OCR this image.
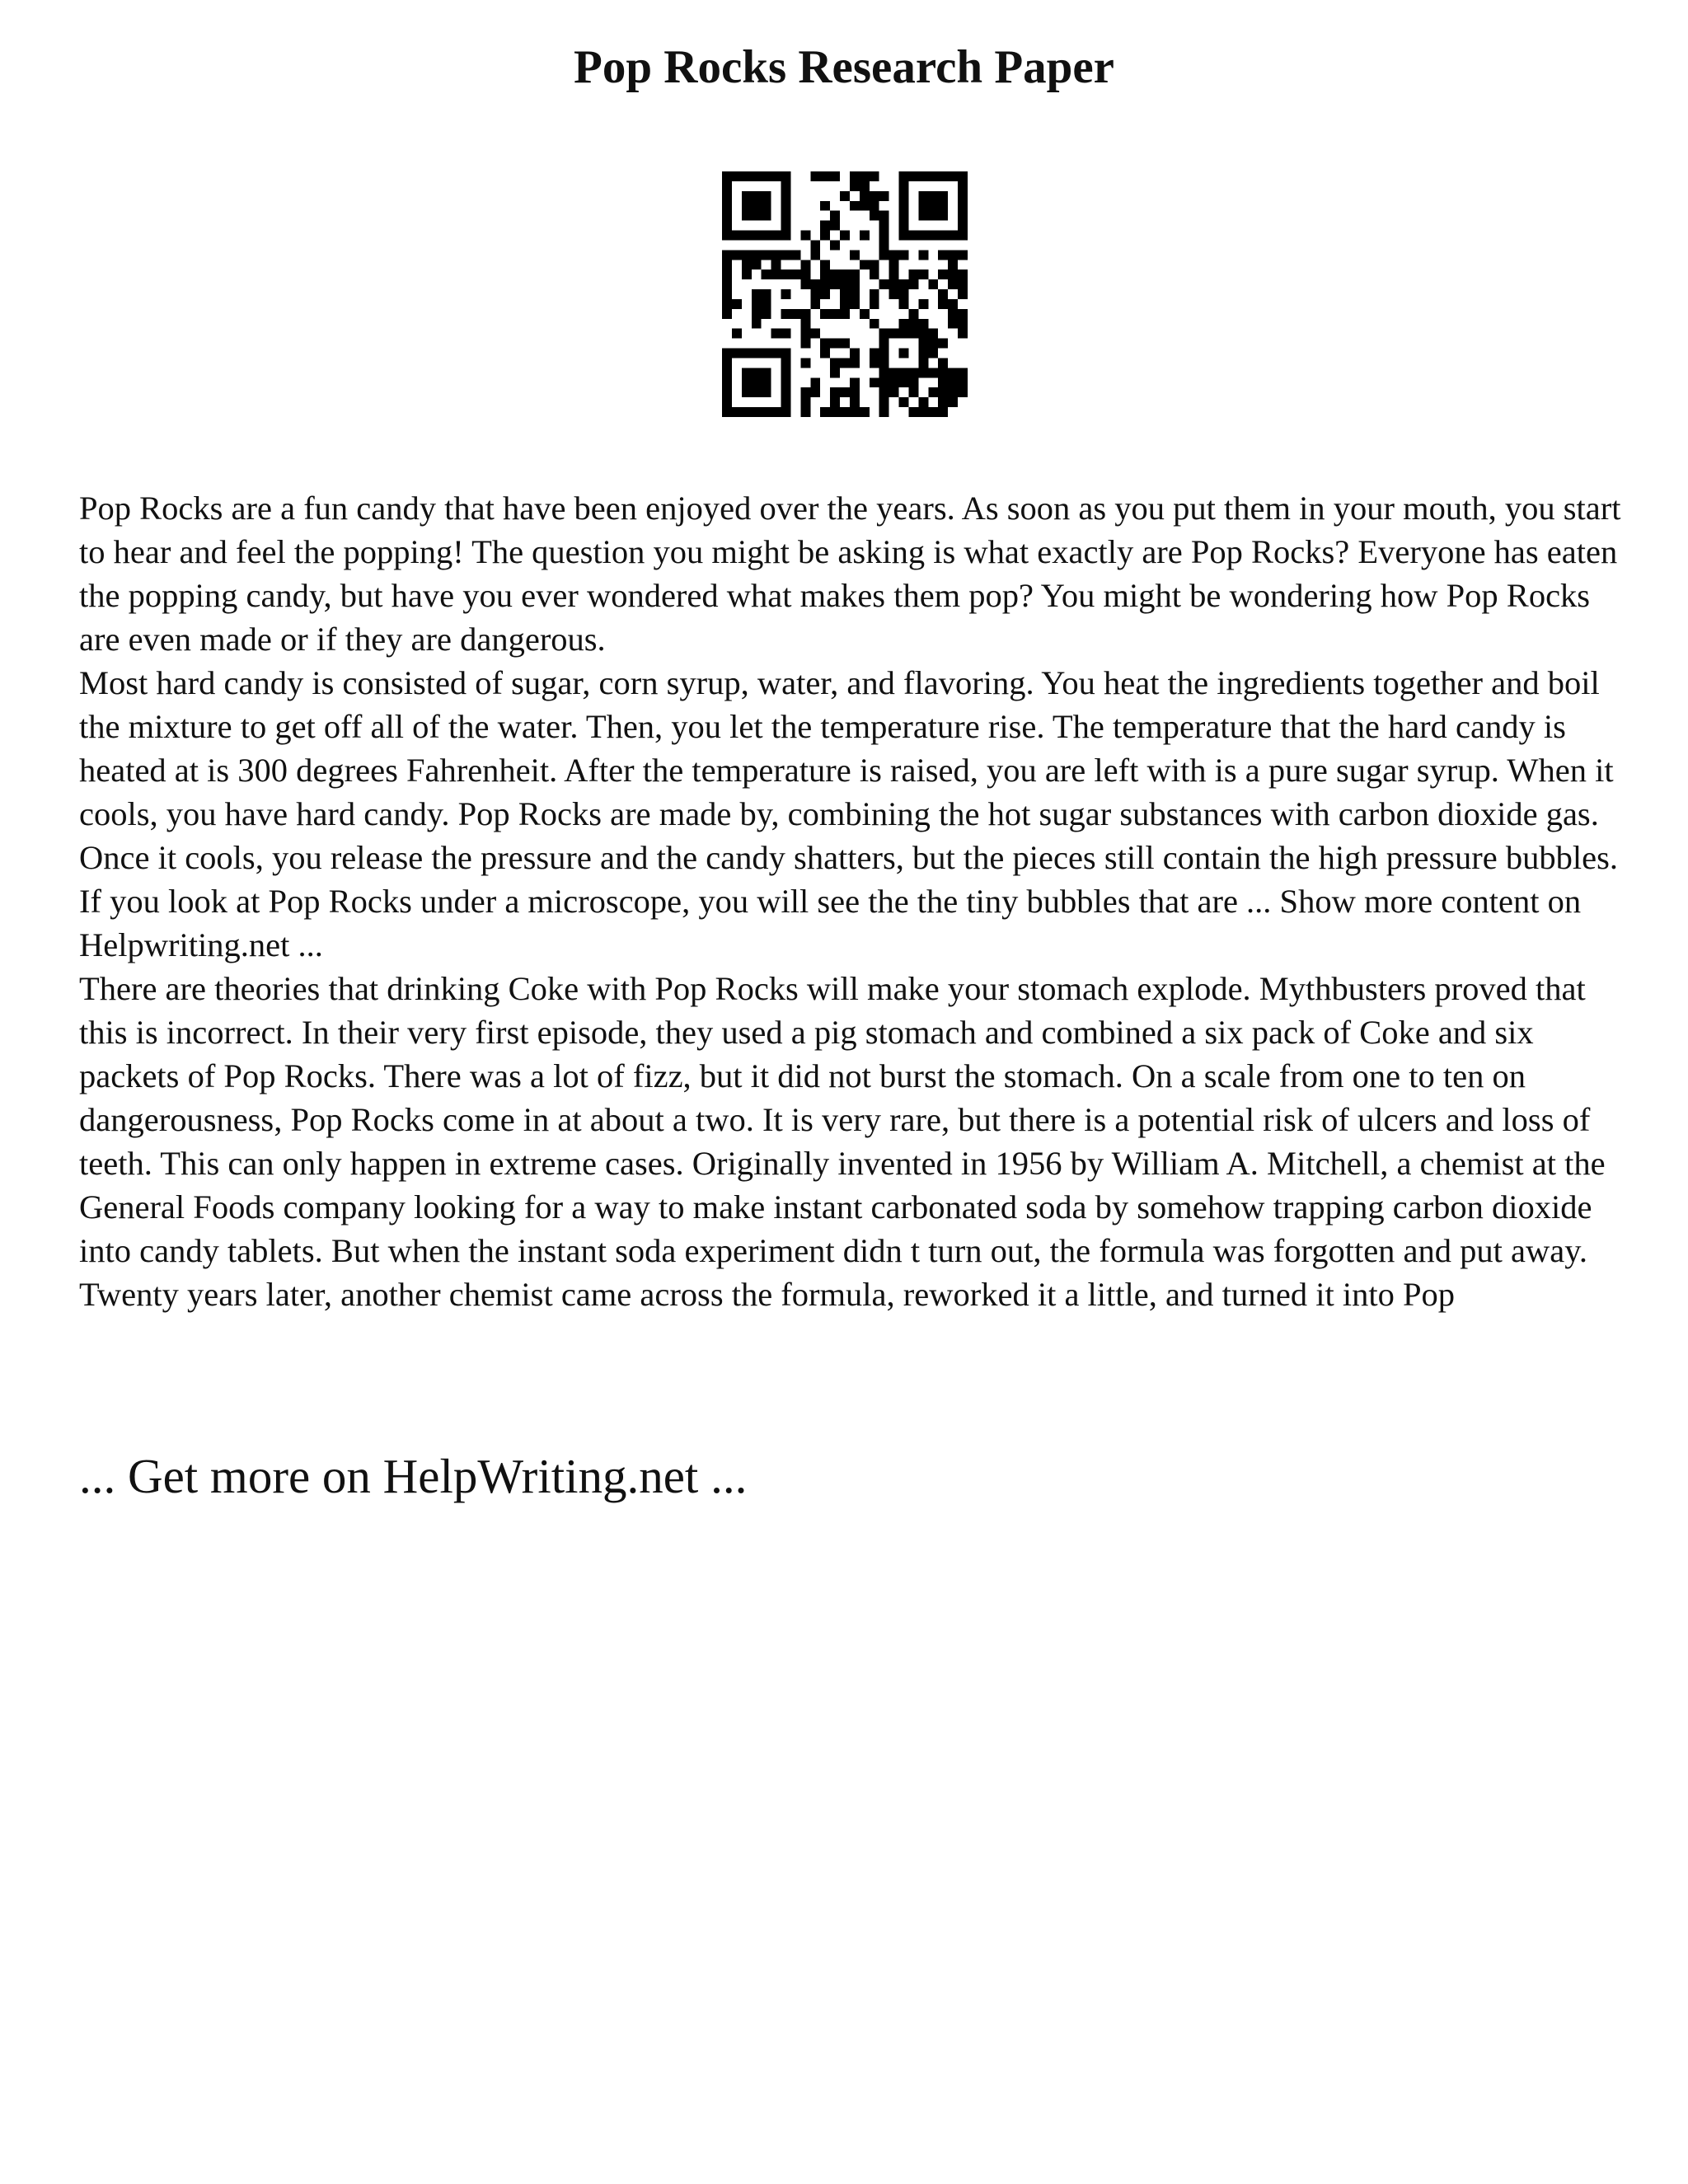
Pop Rocks Research Paper

Pop Rocks are a fun candy that have been enjoyed over the years. As soon as you put them in your mouth, you start to hear and feel the popping! The question you might be asking is what exactly are Pop Rocks? Everyone has eaten the popping candy, but have you ever wondered what makes them pop? You might be wondering how Pop Rocks are even made or if they are dangerous.

Most hard candy is consisted of sugar, corn syrup, water, and flavoring. You heat the ingredients together and boil the mixture to get off all of the water. Then, you let the temperature rise. The temperature that the hard candy is heated at is 300 degrees Fahrenheit. After the temperature is raised, you are left with is a pure sugar syrup. When it cools, you have hard candy. Pop Rocks are made by, combining the hot sugar substances with carbon dioxide gas. Once it cools, you release the pressure and the candy shatters, but the pieces still contain the high pressure bubbles. If you look at Pop Rocks under a microscope, you will see the the tiny bubbles that are ... Show more content on Helpwriting.net ...

There are theories that drinking Coke with Pop Rocks will make your stomach explode. Mythbusters proved that this is incorrect. In their very first episode, they used a pig stomach and combined a six pack of Coke and six packets of Pop Rocks. There was a lot of fizz, but it did not burst the stomach. On a scale from one to ten on dangerousness, Pop Rocks come in at about a two. It is very rare, but there is a potential risk of ulcers and loss of teeth. This can only happen in extreme cases. Originally invented in 1956 by William A. Mitchell, a chemist at the General Foods company looking for a way to make instant carbonated soda by somehow trapping carbon dioxide into candy tablets. But when the instant soda experiment didn t turn out, the formula was forgotten and put away. Twenty years later, another chemist came across the formula, reworked it a little, and turned it into Pop

... Get more on HelpWriting.net ...
